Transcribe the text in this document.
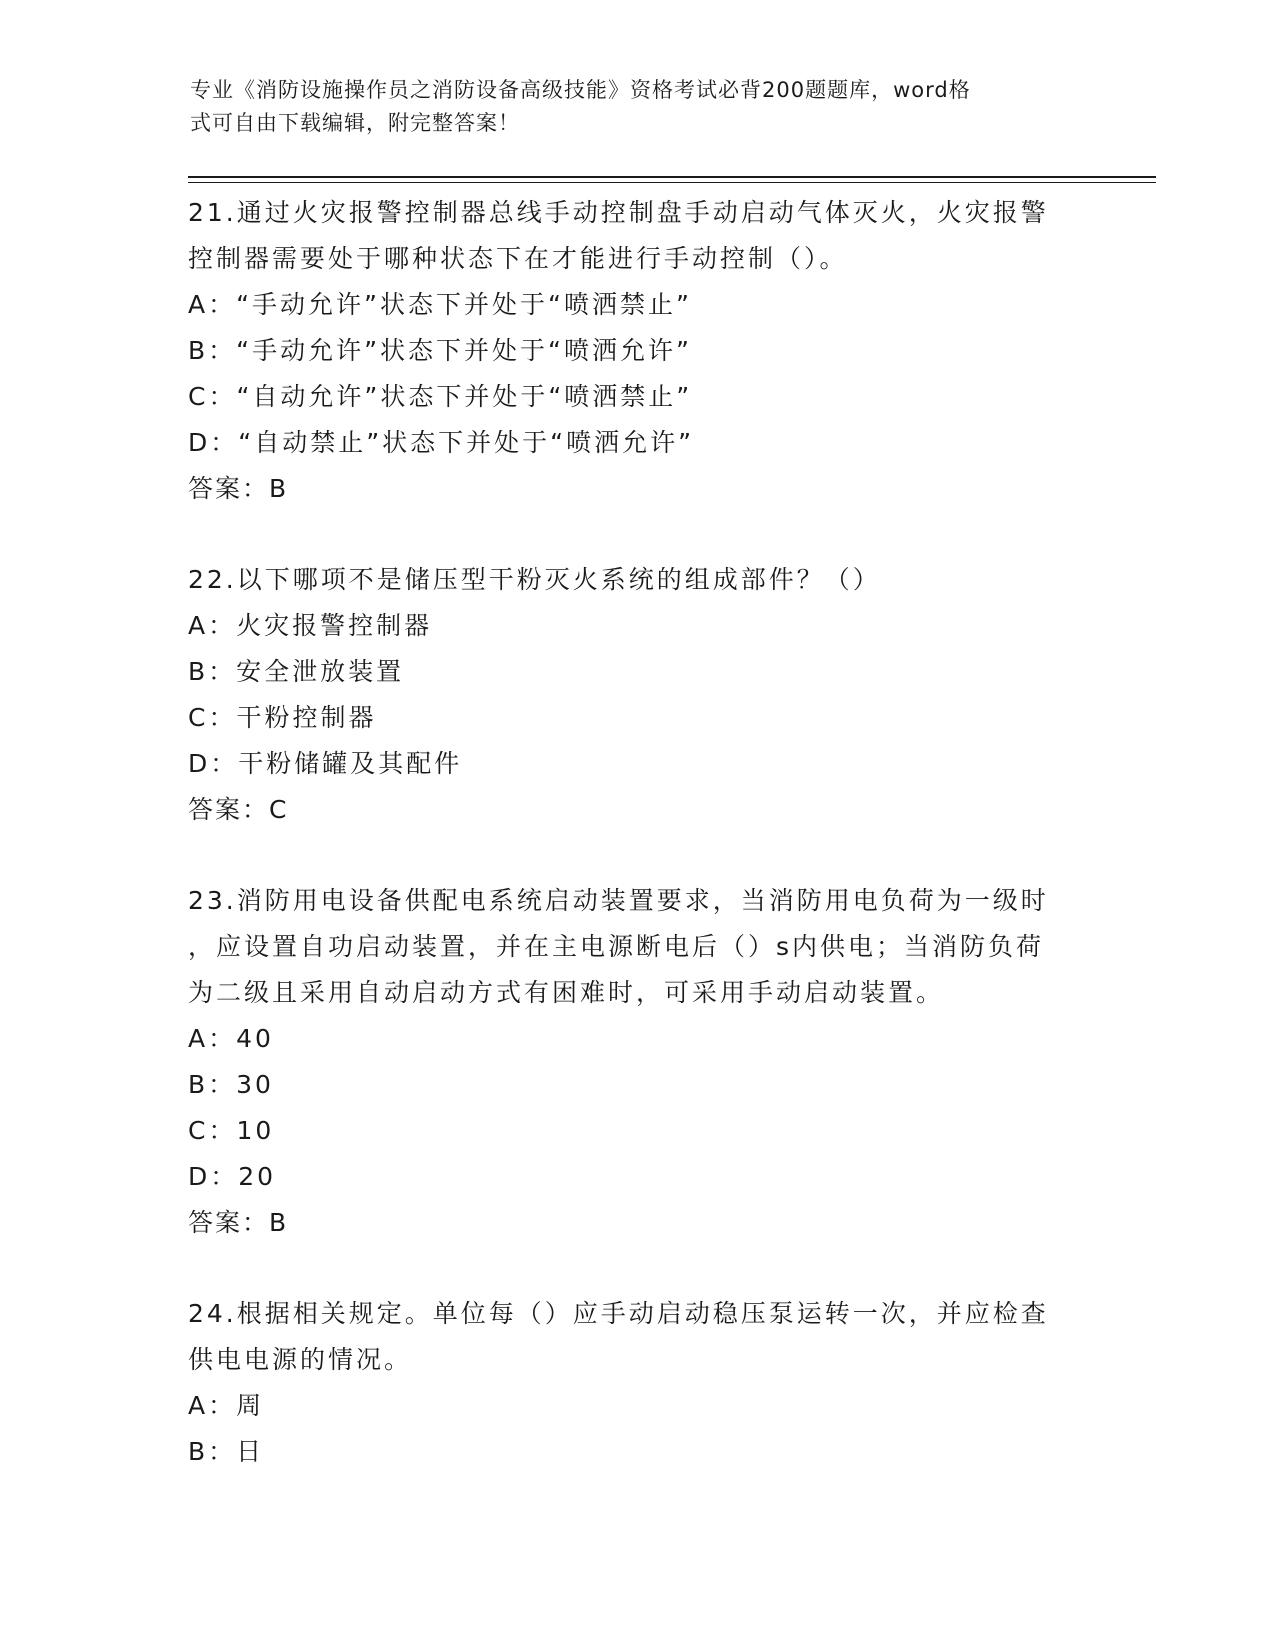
专业《消防设施操作员之消防设备高级技能》资格考试必背200题题库，word格
式可自由下载编辑，附完整答案！
21.通过火灾报警控制器总线手动控制盘手动启动气体灭火，火灾报警
控制器需要处于哪种状态下在才能进行手动控制（）。
A：“手动允许”状态下并处于“喷洒禁止”
B：“手动允许”状态下并处于“喷洒允许”
C：“自动允许”状态下并处于“喷洒禁止”
D：“自动禁止”状态下并处于“喷洒允许”
答案：B
22.以下哪项不是储压型干粉灭火系统的组成部件？（）
A：火灾报警控制器
B：安全泄放装置
C：干粉控制器
D：干粉储罐及其配件
答案：C
23.消防用电设备供配电系统启动装置要求，当消防用电负荷为一级时
，应设置自功启动装置，并在主电源断电后（）s内供电；当消防负荷
为二级且采用自动启动方式有困难时，可采用手动启动装置。
A：40
B：30
C：10
D：20
答案：B
24.根据相关规定。单位每（）应手动启动稳压泵运转一次，并应检查
供电电源的情况。
A：周
B：日
